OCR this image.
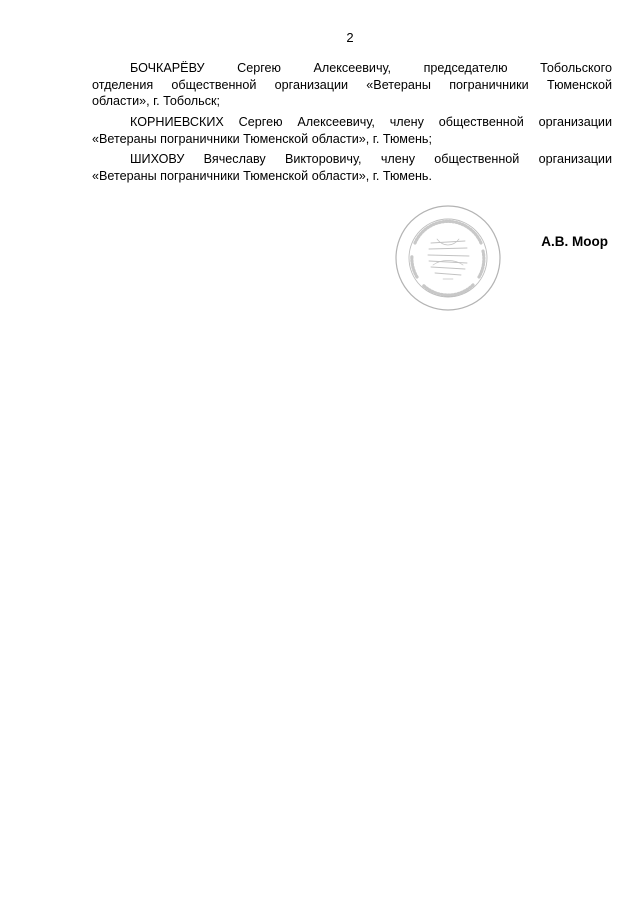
2
БОЧКАРЁВУ Сергею Алексеевичу, председателю Тобольского
отделения общественной организации «Ветераны пограничники Тюменской
области», г. Тобольск;
КОРНИЕВСКИХ Сергею Алексеевичу, члену общественной организации
«Ветераны пограничники Тюменской области», г. Тюмень;
ШИХОВУ Вячеславу Викторовичу, члену общественной организации
«Ветераны пограничники Тюменской области», г. Тюмень.
А.В. Моор
